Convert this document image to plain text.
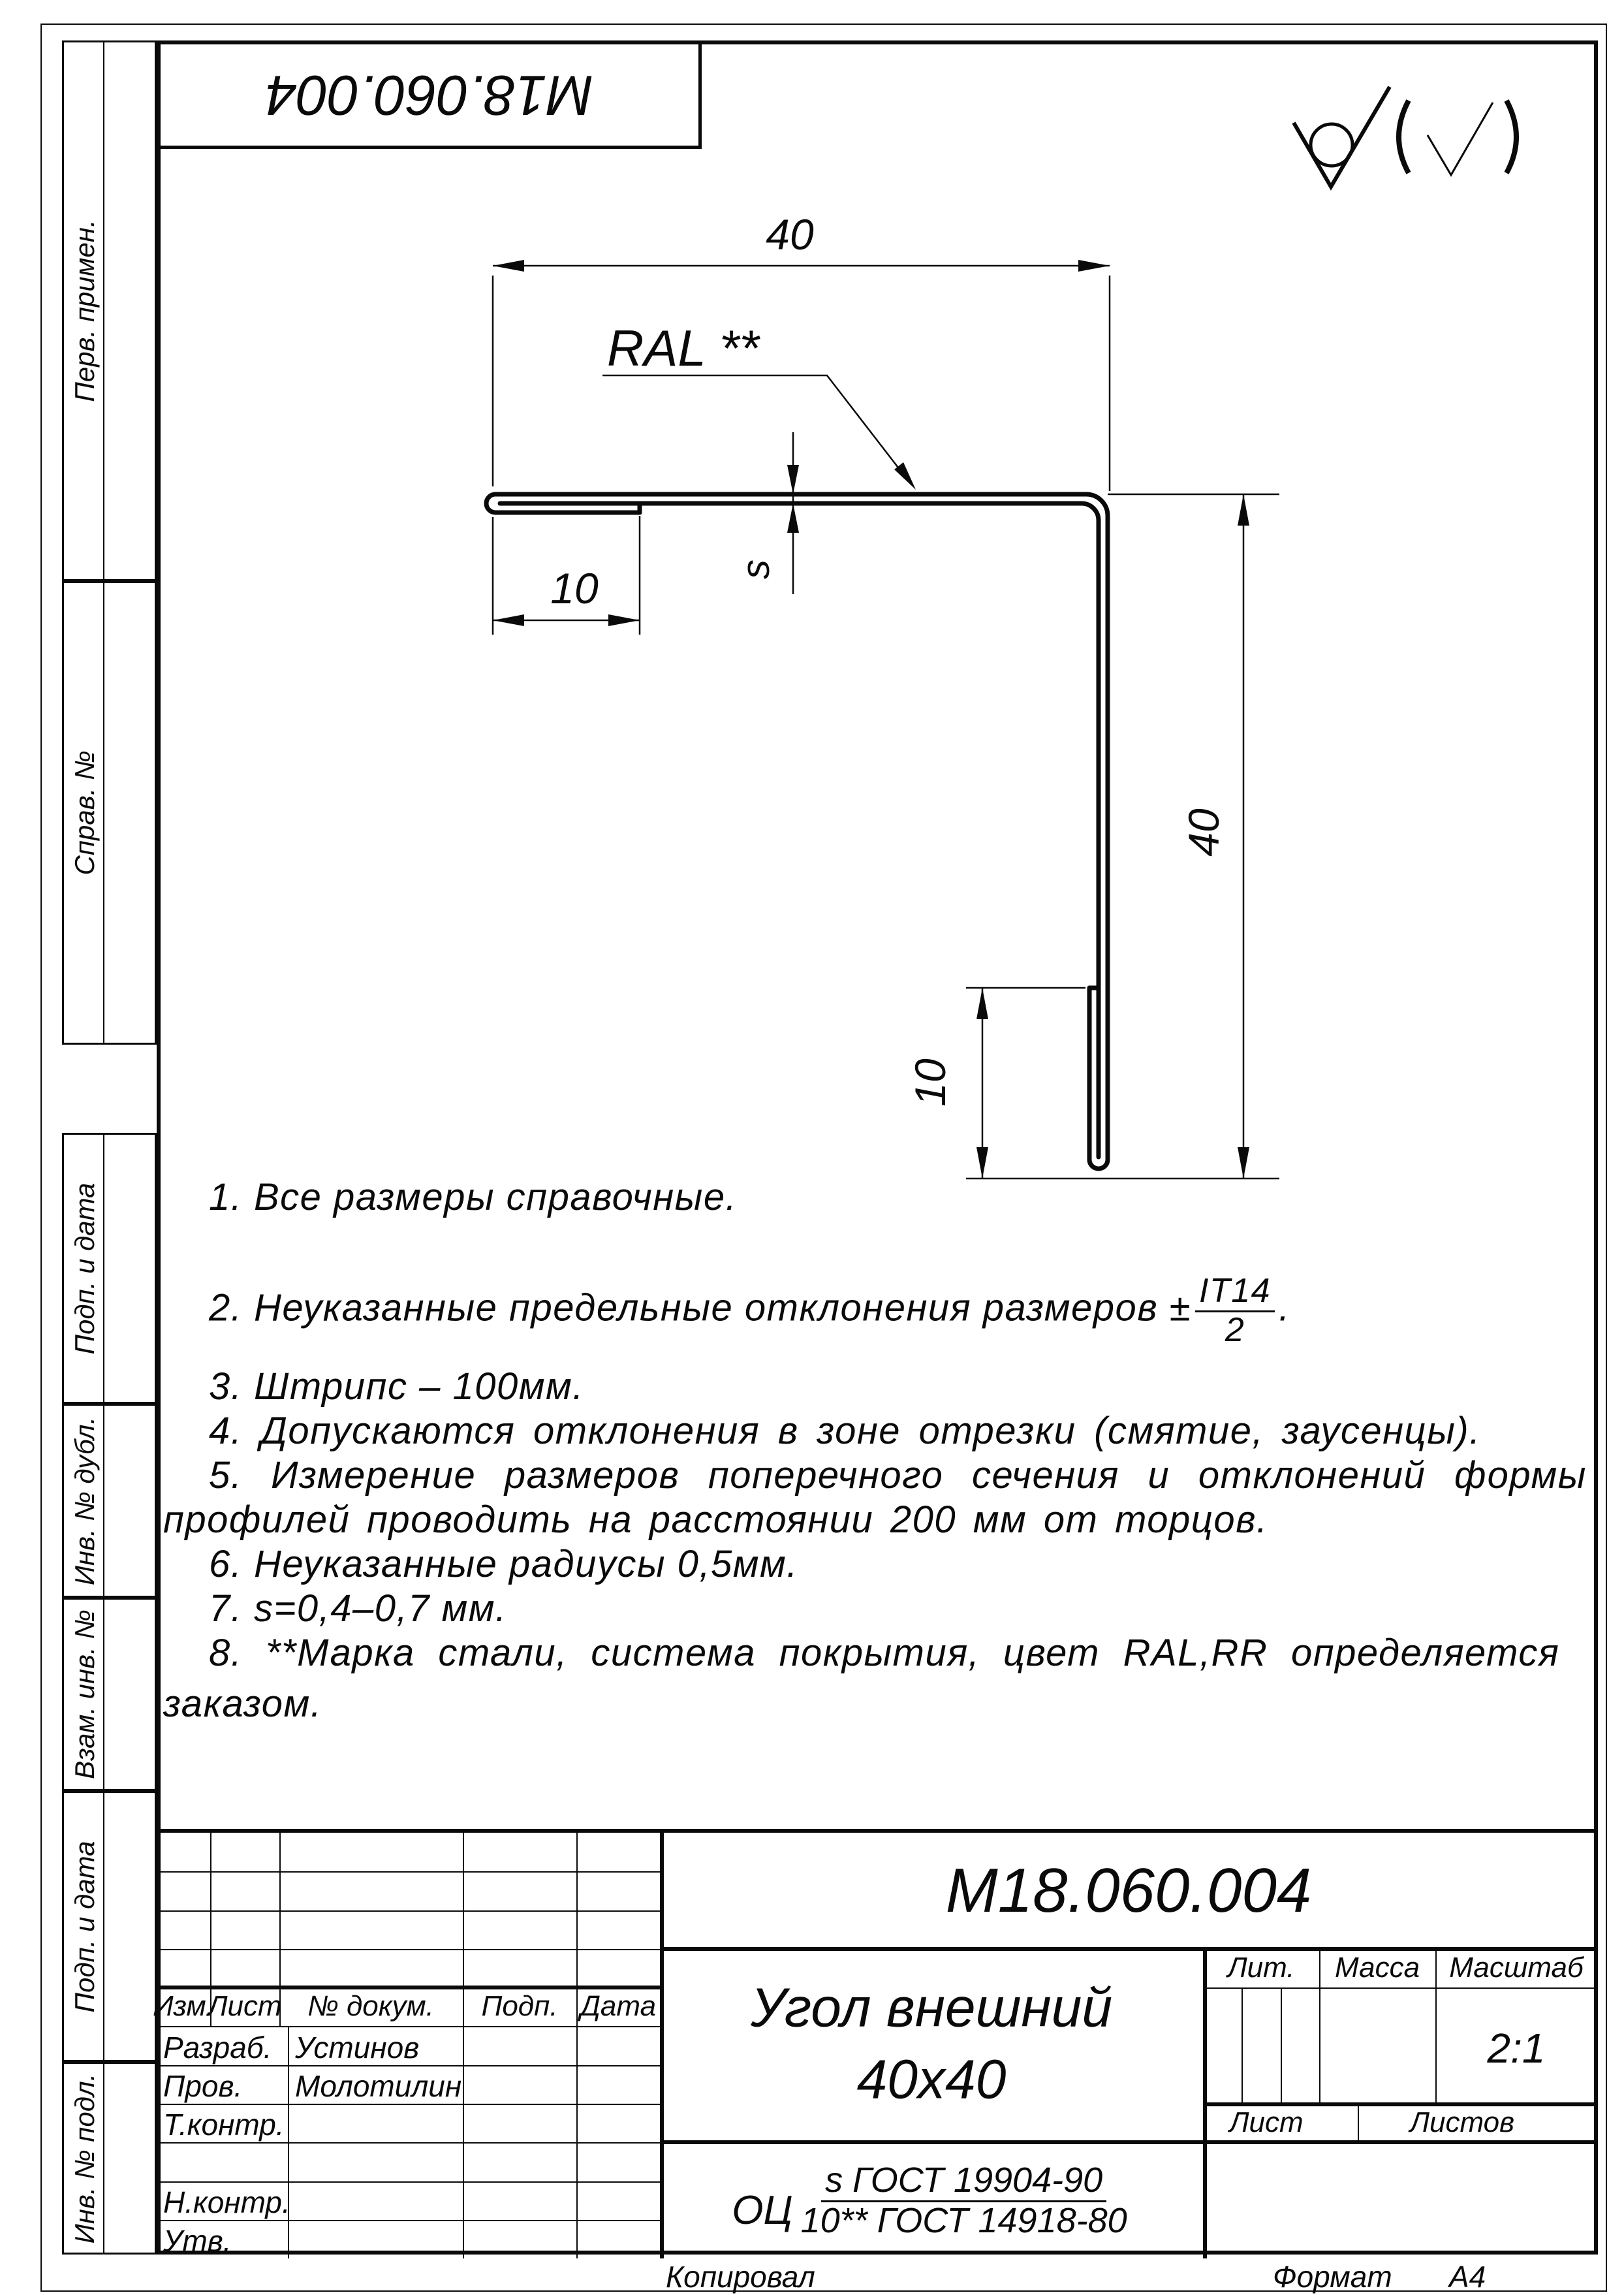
Перв. примен.
Справ. №
Подп. и дата
Инв. № дубл.
Взам. инв. №
Подп. и дата
Инв. № подл.
М18.060.004
40
RAL **
s
10
10
40
1. Все размеры справочные.
2. Неуказанные предельные отклонения размеров ± $\frac{IT14}{2}$ .
3. Штрипс – 100мм.
4. Допускаются отклонения в зоне отрезки (смятие, заусенцы).
5. Измерение размеров поперечного сечения и отклонений формы
профилей проводить на расстоянии 200 мм от торцов.
6. Неуказанные радиусы 0,5мм.
7. s=0,4–0,7 мм.
8. **Марка стали, система покрытия, цвет RAL,RR определяется
заказом.
Изм.
Лист № докум. Подп. Дата
Разраб. Устинов
Пров. Молотилин
Т.контр.
Н.контр.
Утв.
М18.060.004
Угол внешний
40х40
Лит. Масса Масштаб
2:1
Лист	Листов
ОЦ
s ГОСТ 19904-90
10** ГОСТ 14918-80
Копировал	Формат А4
